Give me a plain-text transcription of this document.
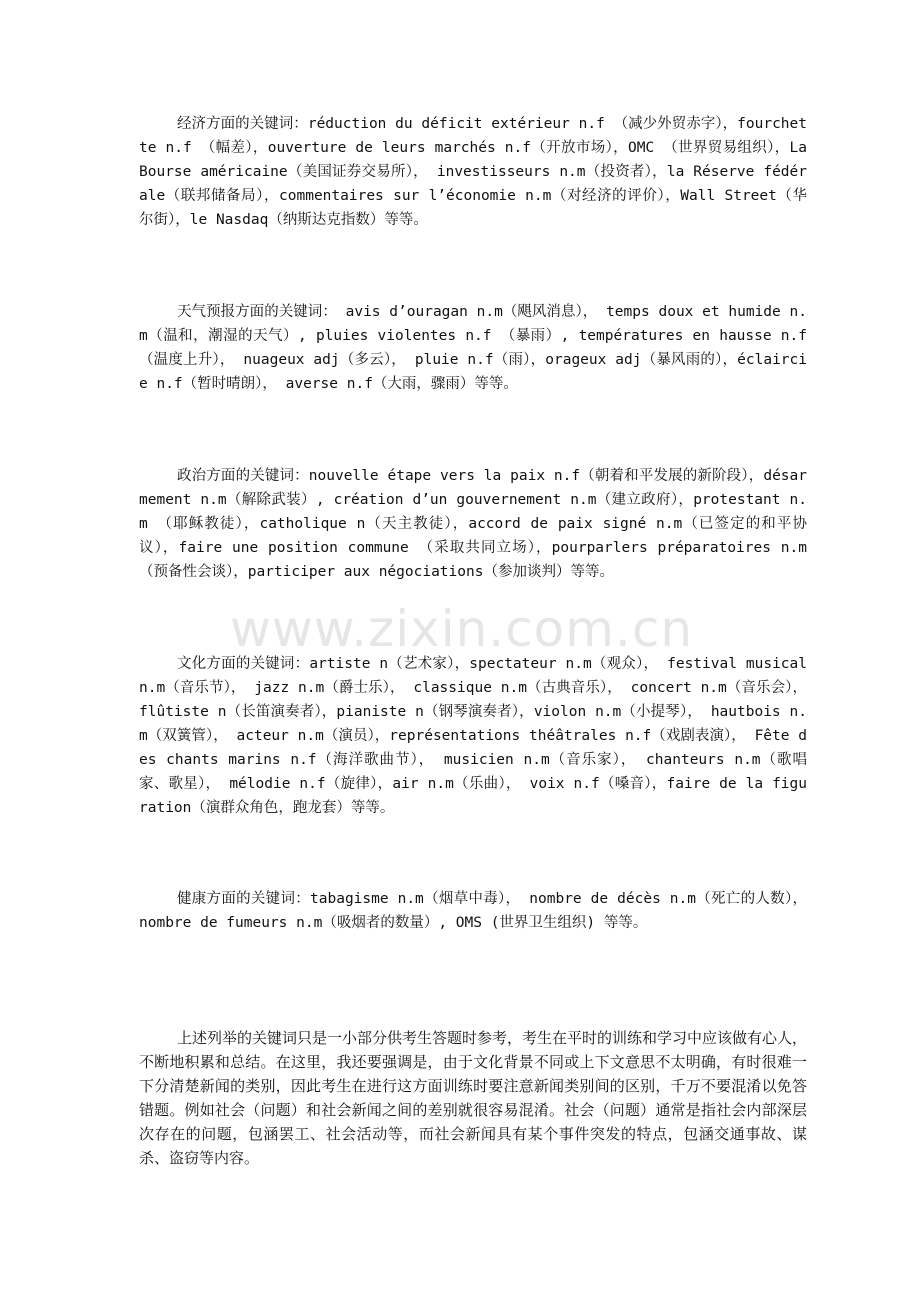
经济方面的关键词：réduction du déficit extérieur n.f （减少外贸赤字），fourchette n.f （幅差），ouverture de leurs marchés n.f（开放市场），OMC （世界贸易组织），La Bourse américaine（美国证券交易所）， investisseurs n.m（投资者），la Réserve fédérale（联邦储备局），commentaires sur l’économie n.m（对经济的评价），Wall Street（华尔街），le Nasdaq（纳斯达克指数）等等。

天气预报方面的关键词： avis d’ouragan n.m（飓风消息）， temps doux et humide n.m（温和，潮湿的天气）, pluies violentes n.f （暴雨）, températures en hausse n.f（温度上升）， nuageux adj（多云）， pluie n.f（雨），orageux adj（暴风雨的），éclaircie n.f（暂时晴朗）， averse n.f（大雨，骤雨）等等。

政治方面的关键词：nouvelle étape vers la paix n.f（朝着和平发展的新阶段），désarmement n.m（解除武装）, création d’un gouvernement n.m（建立政府），protestant n.m （耶稣教徒），catholique n（天主教徒），accord de paix signé n.m（已签定的和平协议），faire une position commune （采取共同立场），pourparlers préparatoires n.m （预备性会谈），participer aux négociations（参加谈判）等等。

www.zixin.com.cn

文化方面的关键词：artiste n（艺术家），spectateur n.m（观众）， festival musical n.m（音乐节）， jazz n.m（爵士乐）， classique n.m（古典音乐）， concert n.m（音乐会），flûtiste n（长笛演奏者），pianiste n（钢琴演奏者），violon n.m（小提琴）， hautbois n.m（双簧管）， acteur n.m（演员），représentations théâtrales n.f（戏剧表演）， Fête des chants marins n.f（海洋歌曲节）， musicien n.m（音乐家）， chanteurs n.m（歌唱家、歌星）， mélodie n.f（旋律），air n.m（乐曲）， voix n.f（嗓音），faire de la figuration（演群众角色，跑龙套）等等。

健康方面的关键词：tabagisme n.m（烟草中毒）， nombre de décès n.m（死亡的人数），nombre de fumeurs n.m（吸烟者的数量）, OMS (世界卫生组织) 等等。

上述列举的关键词只是一小部分供考生答题时参考，考生在平时的训练和学习中应该做有心人，不断地积累和总结。在这里，我还要强调是，由于文化背景不同或上下文意思不太明确，有时很难一下分清楚新闻的类别，因此考生在进行这方面训练时要注意新闻类别间的区别，千万不要混淆以免答错题。例如社会（问题）和社会新闻之间的差别就很容易混淆。社会（问题）通常是指社会内部深层次存在的问题，包涵罢工、社会活动等，而社会新闻具有某个事件突发的特点，包涵交通事故、谋杀、盗窃等内容。
